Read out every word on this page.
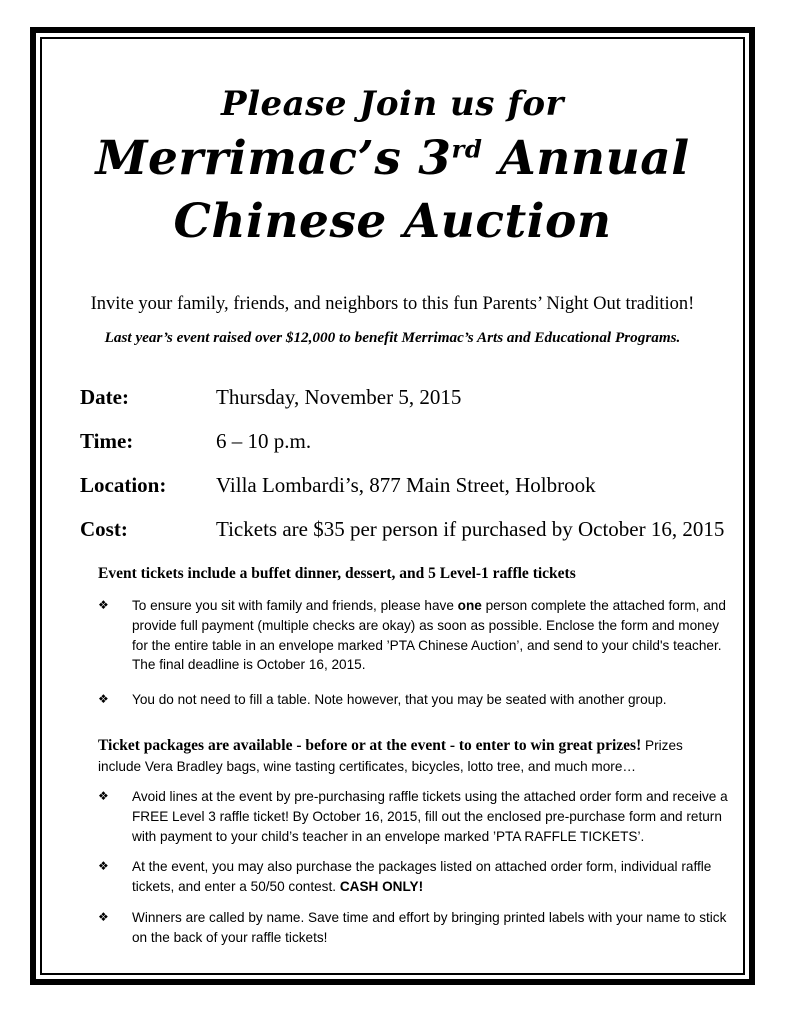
Please Join us for
Merrimac’s 3rd Annual
Chinese Auction
Invite your family, friends, and neighbors to this fun Parents’ Night Out tradition!
Last year’s event raised over $12,000 to benefit Merrimac’s Arts and Educational Programs.
Date:	Thursday, November 5, 2015
Time:	6 – 10 p.m.
Location:	Villa Lombardi’s, 877 Main Street, Holbrook
Cost:	Tickets are $35 per person if purchased by October 16, 2015
Event tickets include a buffet dinner, dessert, and 5 Level-1 raffle tickets
❖ To ensure you sit with family and friends, please have one person complete the attached form, and provide full payment (multiple checks are okay) as soon as possible. Enclose the form and money for the entire table in an envelope marked ’PTA Chinese Auction’, and send to your child's teacher. The final deadline is October 16, 2015.
❖ You do not need to fill a table. Note however, that you may be seated with another group.
Ticket packages are available - before or at the event - to enter to win great prizes! Prizes
include Vera Bradley bags, wine tasting certificates, bicycles, lotto tree, and much more…
❖ Avoid lines at the event by pre-purchasing raffle tickets using the attached order form and receive a FREE Level 3 raffle ticket! By October 16, 2015, fill out the enclosed pre-purchase form and return with payment to your child’s teacher in an envelope marked ’PTA RAFFLE TICKETS’.
❖ At the event, you may also purchase the packages listed on attached order form, individual raffle tickets, and enter a 50/50 contest. CASH ONLY!
❖ Winners are called by name. Save time and effort by bringing printed labels with your name to stick on the back of your raffle tickets!
